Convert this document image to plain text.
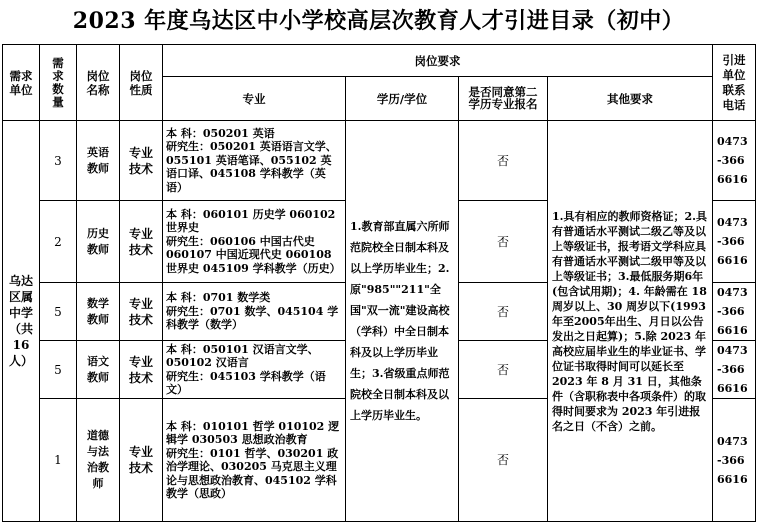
2023 年度乌达区中小学校高层次教育人才引进目录（初中）
需求单位	需求数量	岗位名称	岗位性质	岗位要求				引进单位联系电话
				专业	学历/学位	是否同意第二学历专业报名	其他要求	
乌达区属中学（共16人）	3	英语教师	专业技术	本 科：050201 英语
研究生：050201 英语语言文学、055101 英语笔译、055102 英语口译、045108 学科教学（英语）	1.教育部直属六所师范院校全日制本科及以上学历毕业生；2.原"985""211"全国"双一流"建设高校（学科）中全日制本科及以上学历毕业生；3.省级重点师范院校全日制本科及以上学历毕业生。	否	1.具有相应的教师资格证；2.具有普通话水平测试二级乙等及以上等级证书，报考语文学科应具有普通话水平测试二级甲等及以上等级证书；3.最低服务期6年(包含试用期)；4. 年龄需在 18 周岁以上、30 周岁以下(1993年至2005年出生、月日以公告发出之日起算)；5.除 2023 年高校应届毕业生的毕业证书、学位证书取得时间可以延长至 2023 年 8 月 31 日，其他条件（含职称表中各项条件）的取得时间要求为 2023 年引进报名之日（不含）之前。	0473-3666616
	2	历史教师	专业技术	本 科：060101 历史学 060102 世界史
研究生：060106 中国古代史 060107 中国近现代史 060108 世界史 045109 学科教学（历史）		否		0473-3666616
	5	数学教师	专业技术	本 科：0701 数学类
研究生：0701 数学、045104 学科教学（数学）		否		0473-3666616
	5	语文教师	专业技术	本 科：050101 汉语言文学、050102 汉语言
研究生：045103 学科教学（语文）		否		0473-3666616
	1	道德与法治教师	专业技术	本 科：010101 哲学 010102 逻辑学 030503 思想政治教育
研究生：0101 哲学、030201 政治学理论、030205 马克思主义理论与思想政治教育、045102 学科教学（思政）		否		0473-3666616
